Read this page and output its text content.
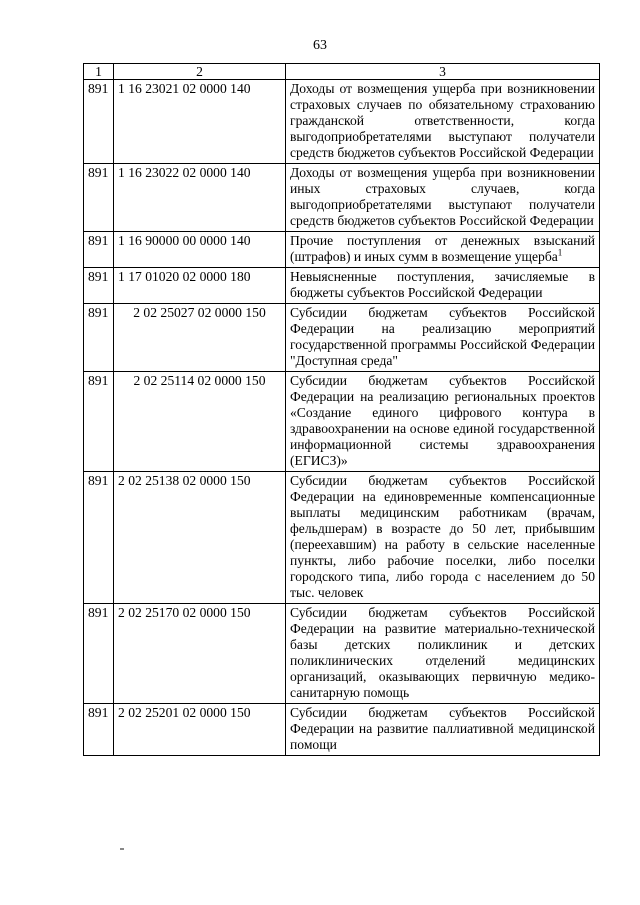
63
1	2	3
891	1 16 23021 02 0000 140	Доходы от возмещения ущерба при возникновении страховых случаев по обязательному страхованию гражданской ответственности, когда выгодоприобретателями выступают получатели средств бюджетов субъектов Российской Федерации
891	1 16 23022 02 0000 140	Доходы от возмещения ущерба при возникновении иных страховых случаев, когда выгодоприобретателями выступают получатели средств бюджетов субъектов Российской Федерации
891	1 16 90000 00 0000 140	Прочие поступления от денежных взысканий (штрафов) и иных сумм в возмещение ущерба$^1$
891	1 17 01020 02 0000 180	Невыясненные поступления, зачисляемые в бюджеты субъектов Российской Федерации
891	2 02 25027 02 0000 150	Субсидии бюджетам субъектов Российской Федерации на реализацию мероприятий государственной программы Российской Федерации "Доступная среда"
891	2 02 25114 02 0000 150	Субсидии бюджетам субъектов Российской Федерации на реализацию региональных проектов «Создание единого цифрового контура в здравоохранении на основе единой государственной информационной системы здравоохранения (ЕГИСЗ)»
891	2 02 25138 02 0000 150	Субсидии бюджетам субъектов Российской Федерации на единовременные компенсационные выплаты медицинским работникам (врачам, фельдшерам) в возрасте до 50 лет, прибывшим (переехавшим) на работу в сельские населенные пункты, либо рабочие поселки, либо поселки городского типа, либо города с населением до 50 тыс. человек
891	2 02 25170 02 0000 150	Субсидии бюджетам субъектов Российской Федерации на развитие материально-технической базы детских поликлиник и детских поликлинических отделений медицинских организаций, оказывающих первичную медико-санитарную помощь
891	2 02 25201 02 0000 150	Субсидии бюджетам субъектов Российской Федерации на развитие паллиативной медицинской помощи
